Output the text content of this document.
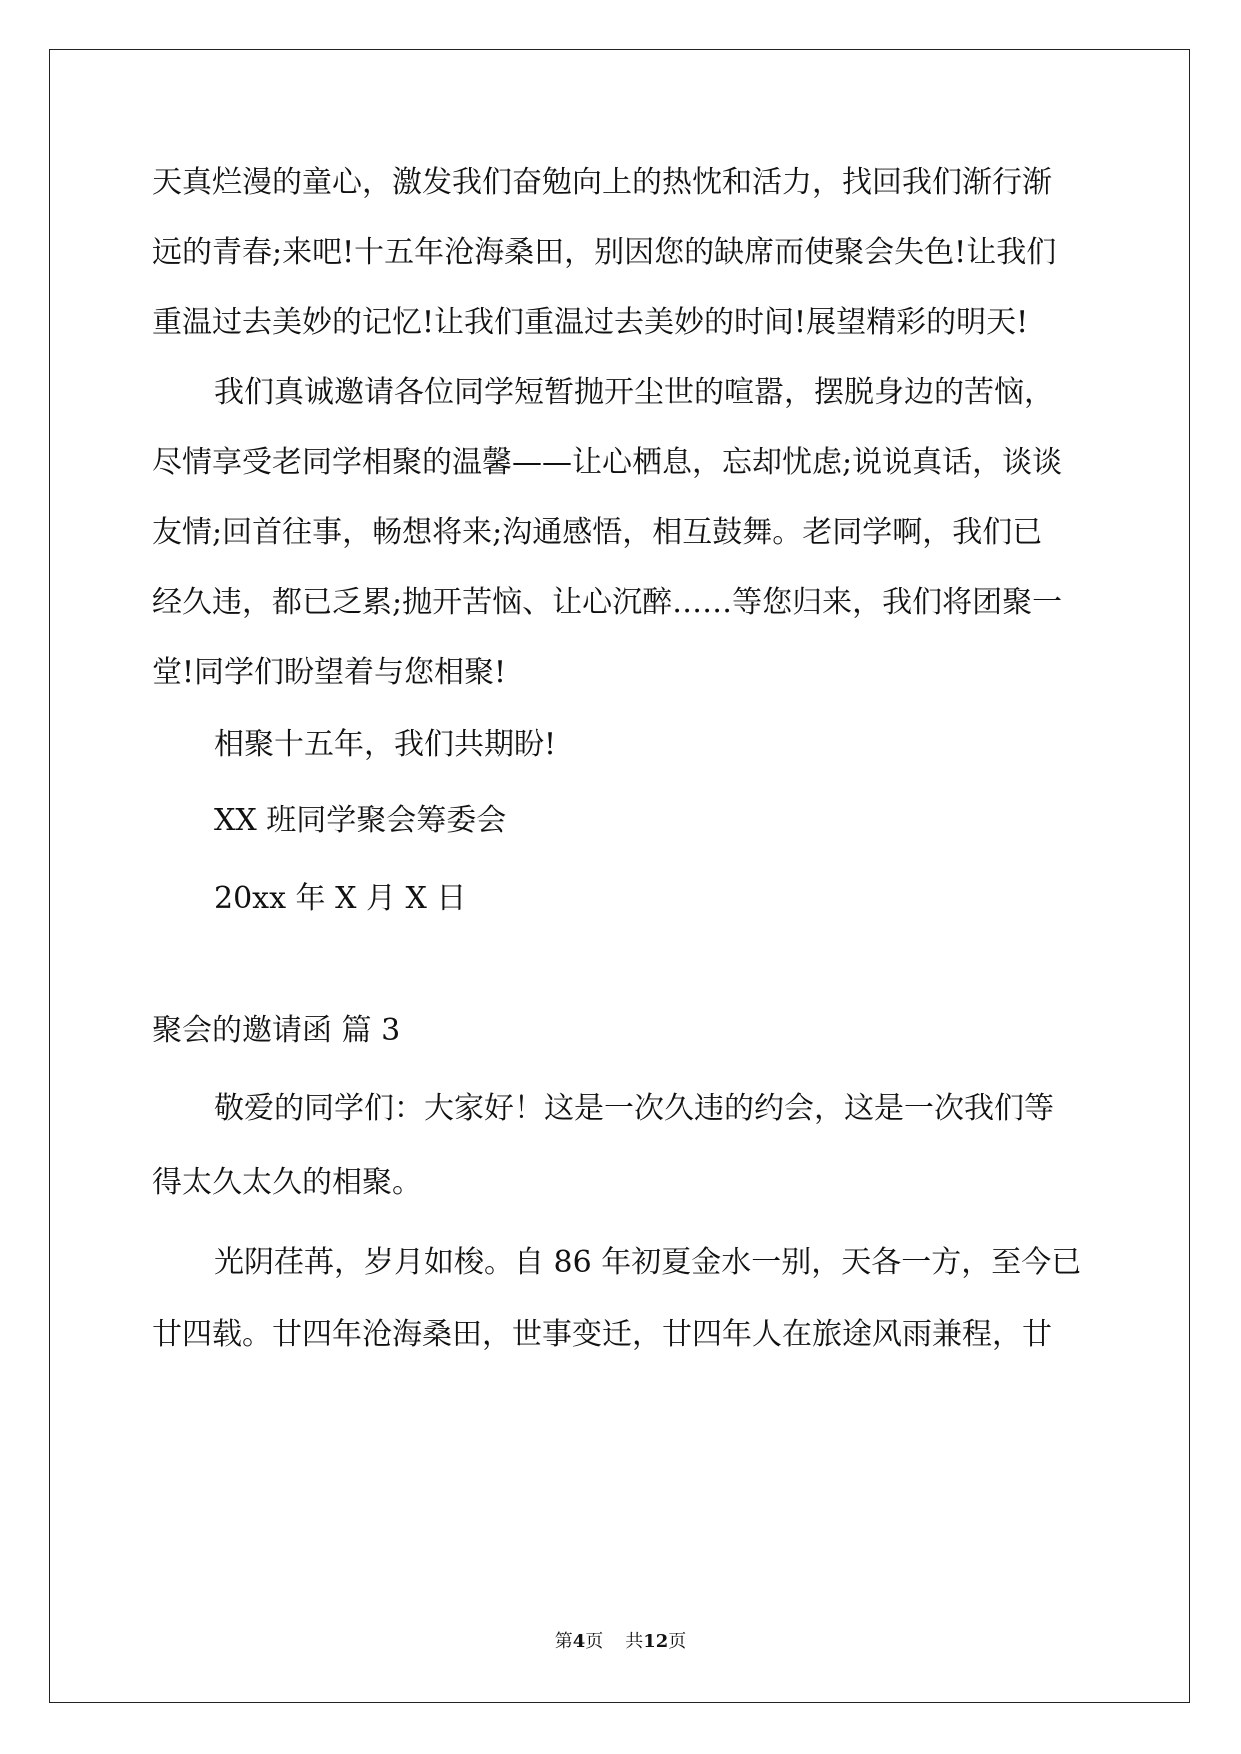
天真烂漫的童心，激发我们奋勉向上的热忱和活力，找回我们渐行渐
远的青春;来吧!十五年沧海桑田，别因您的缺席而使聚会失色!让我们
重温过去美妙的记忆!让我们重温过去美妙的时间!展望精彩的明天!
我们真诚邀请各位同学短暂抛开尘世的喧嚣，摆脱身边的苦恼，
尽情享受老同学相聚的温馨——让心栖息，忘却忧虑;说说真话，谈谈
友情;回首往事，畅想将来;沟通感悟，相互鼓舞。老同学啊，我们已
经久违，都已乏累;抛开苦恼、让心沉醉……等您归来，我们将团聚一
堂!同学们盼望着与您相聚!
相聚十五年，我们共期盼!
XX 班同学聚会筹委会
20xx 年 X 月 X 日
聚会的邀请函 篇 3
敬爱的同学们：大家好！这是一次久违的约会，这是一次我们等
得太久太久的相聚。
光阴荏苒，岁月如梭。自 86 年初夏金水一别，天各一方，至今已
廿四载。廿四年沧海桑田，世事变迁，廿四年人在旅途风雨兼程，廿
第4页 共12页
